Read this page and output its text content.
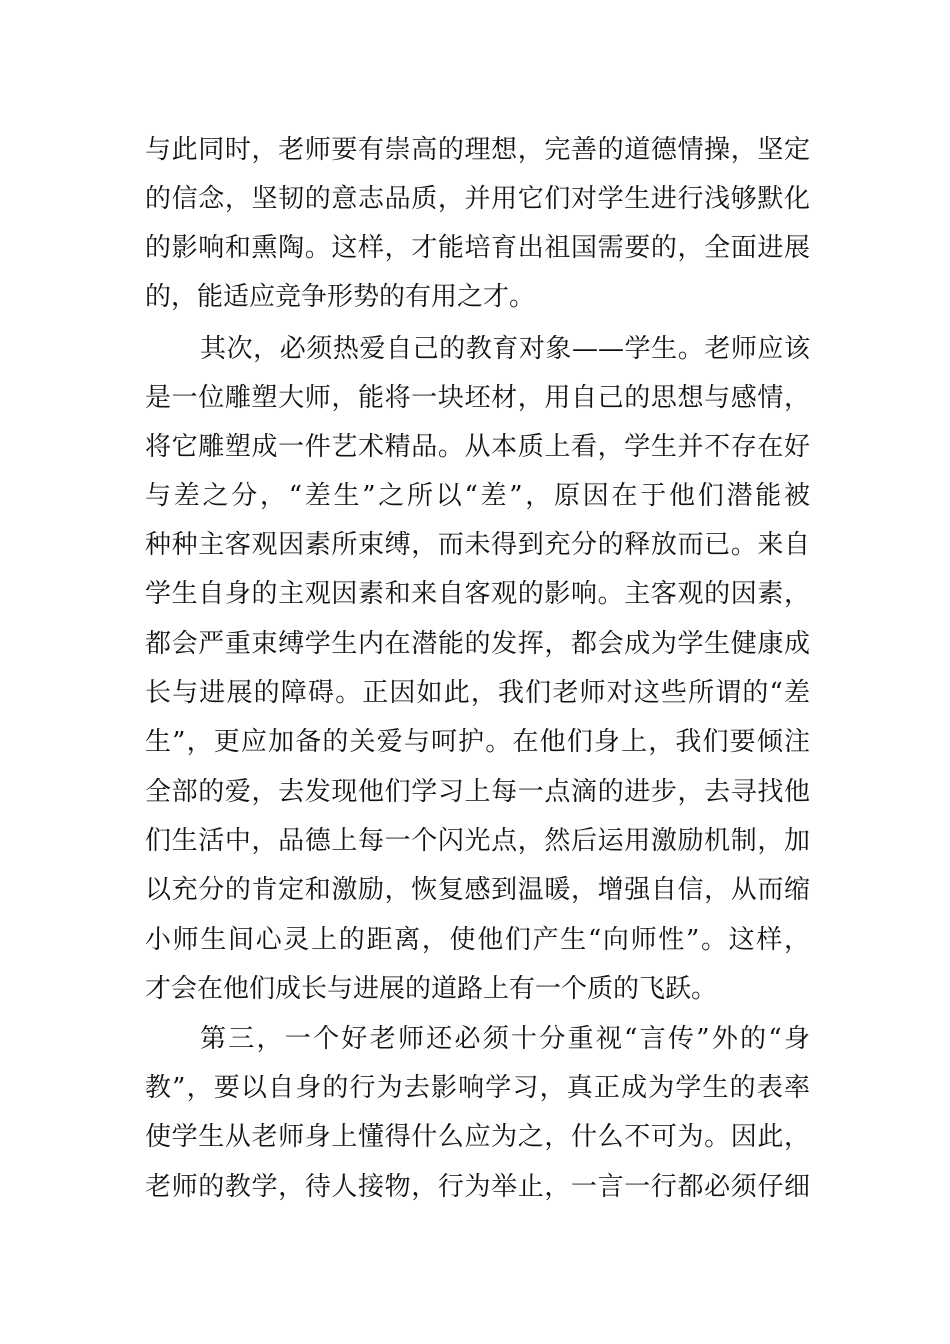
与此同时，老师要有崇高的理想，完善的道德情操，坚定
的信念，坚韧的意志品质，并用它们对学生进行浅够默化
的影响和熏陶。这样，才能培育出祖国需要的，全面进展
的，能适应竞争形势的有用之才。
其次，必须热爱自己的教育对象——学生。老师应该
是一位雕塑大师，能将一块坯材，用自己的思想与感情，
将它雕塑成一件艺术精品。从本质上看，学生并不存在好
与差之分，“差生”之所以“差”，原因在于他们潜能被
种种主客观因素所束缚，而未得到充分的释放而已。来自
学生自身的主观因素和来自客观的影响。主客观的因素，
都会严重束缚学生内在潜能的发挥，都会成为学生健康成
长与进展的障碍。正因如此，我们老师对这些所谓的“差
生”，更应加备的关爱与呵护。在他们身上，我们要倾注
全部的爱，去发现他们学习上每一点滴的进步，去寻找他
们生活中，品德上每一个闪光点，然后运用激励机制，加
以充分的肯定和激励，恢复感到温暖，增强自信，从而缩
小师生间心灵上的距离，使他们产生“向师性”。这样，
才会在他们成长与进展的道路上有一个质的飞跃。
第三，一个好老师还必须十分重视“言传”外的“身
教”，要以自身的行为去影响学习，真正成为学生的表率
使学生从老师身上懂得什么应为之，什么不可为。因此，
老师的教学，待人接物，行为举止，一言一行都必须仔细
